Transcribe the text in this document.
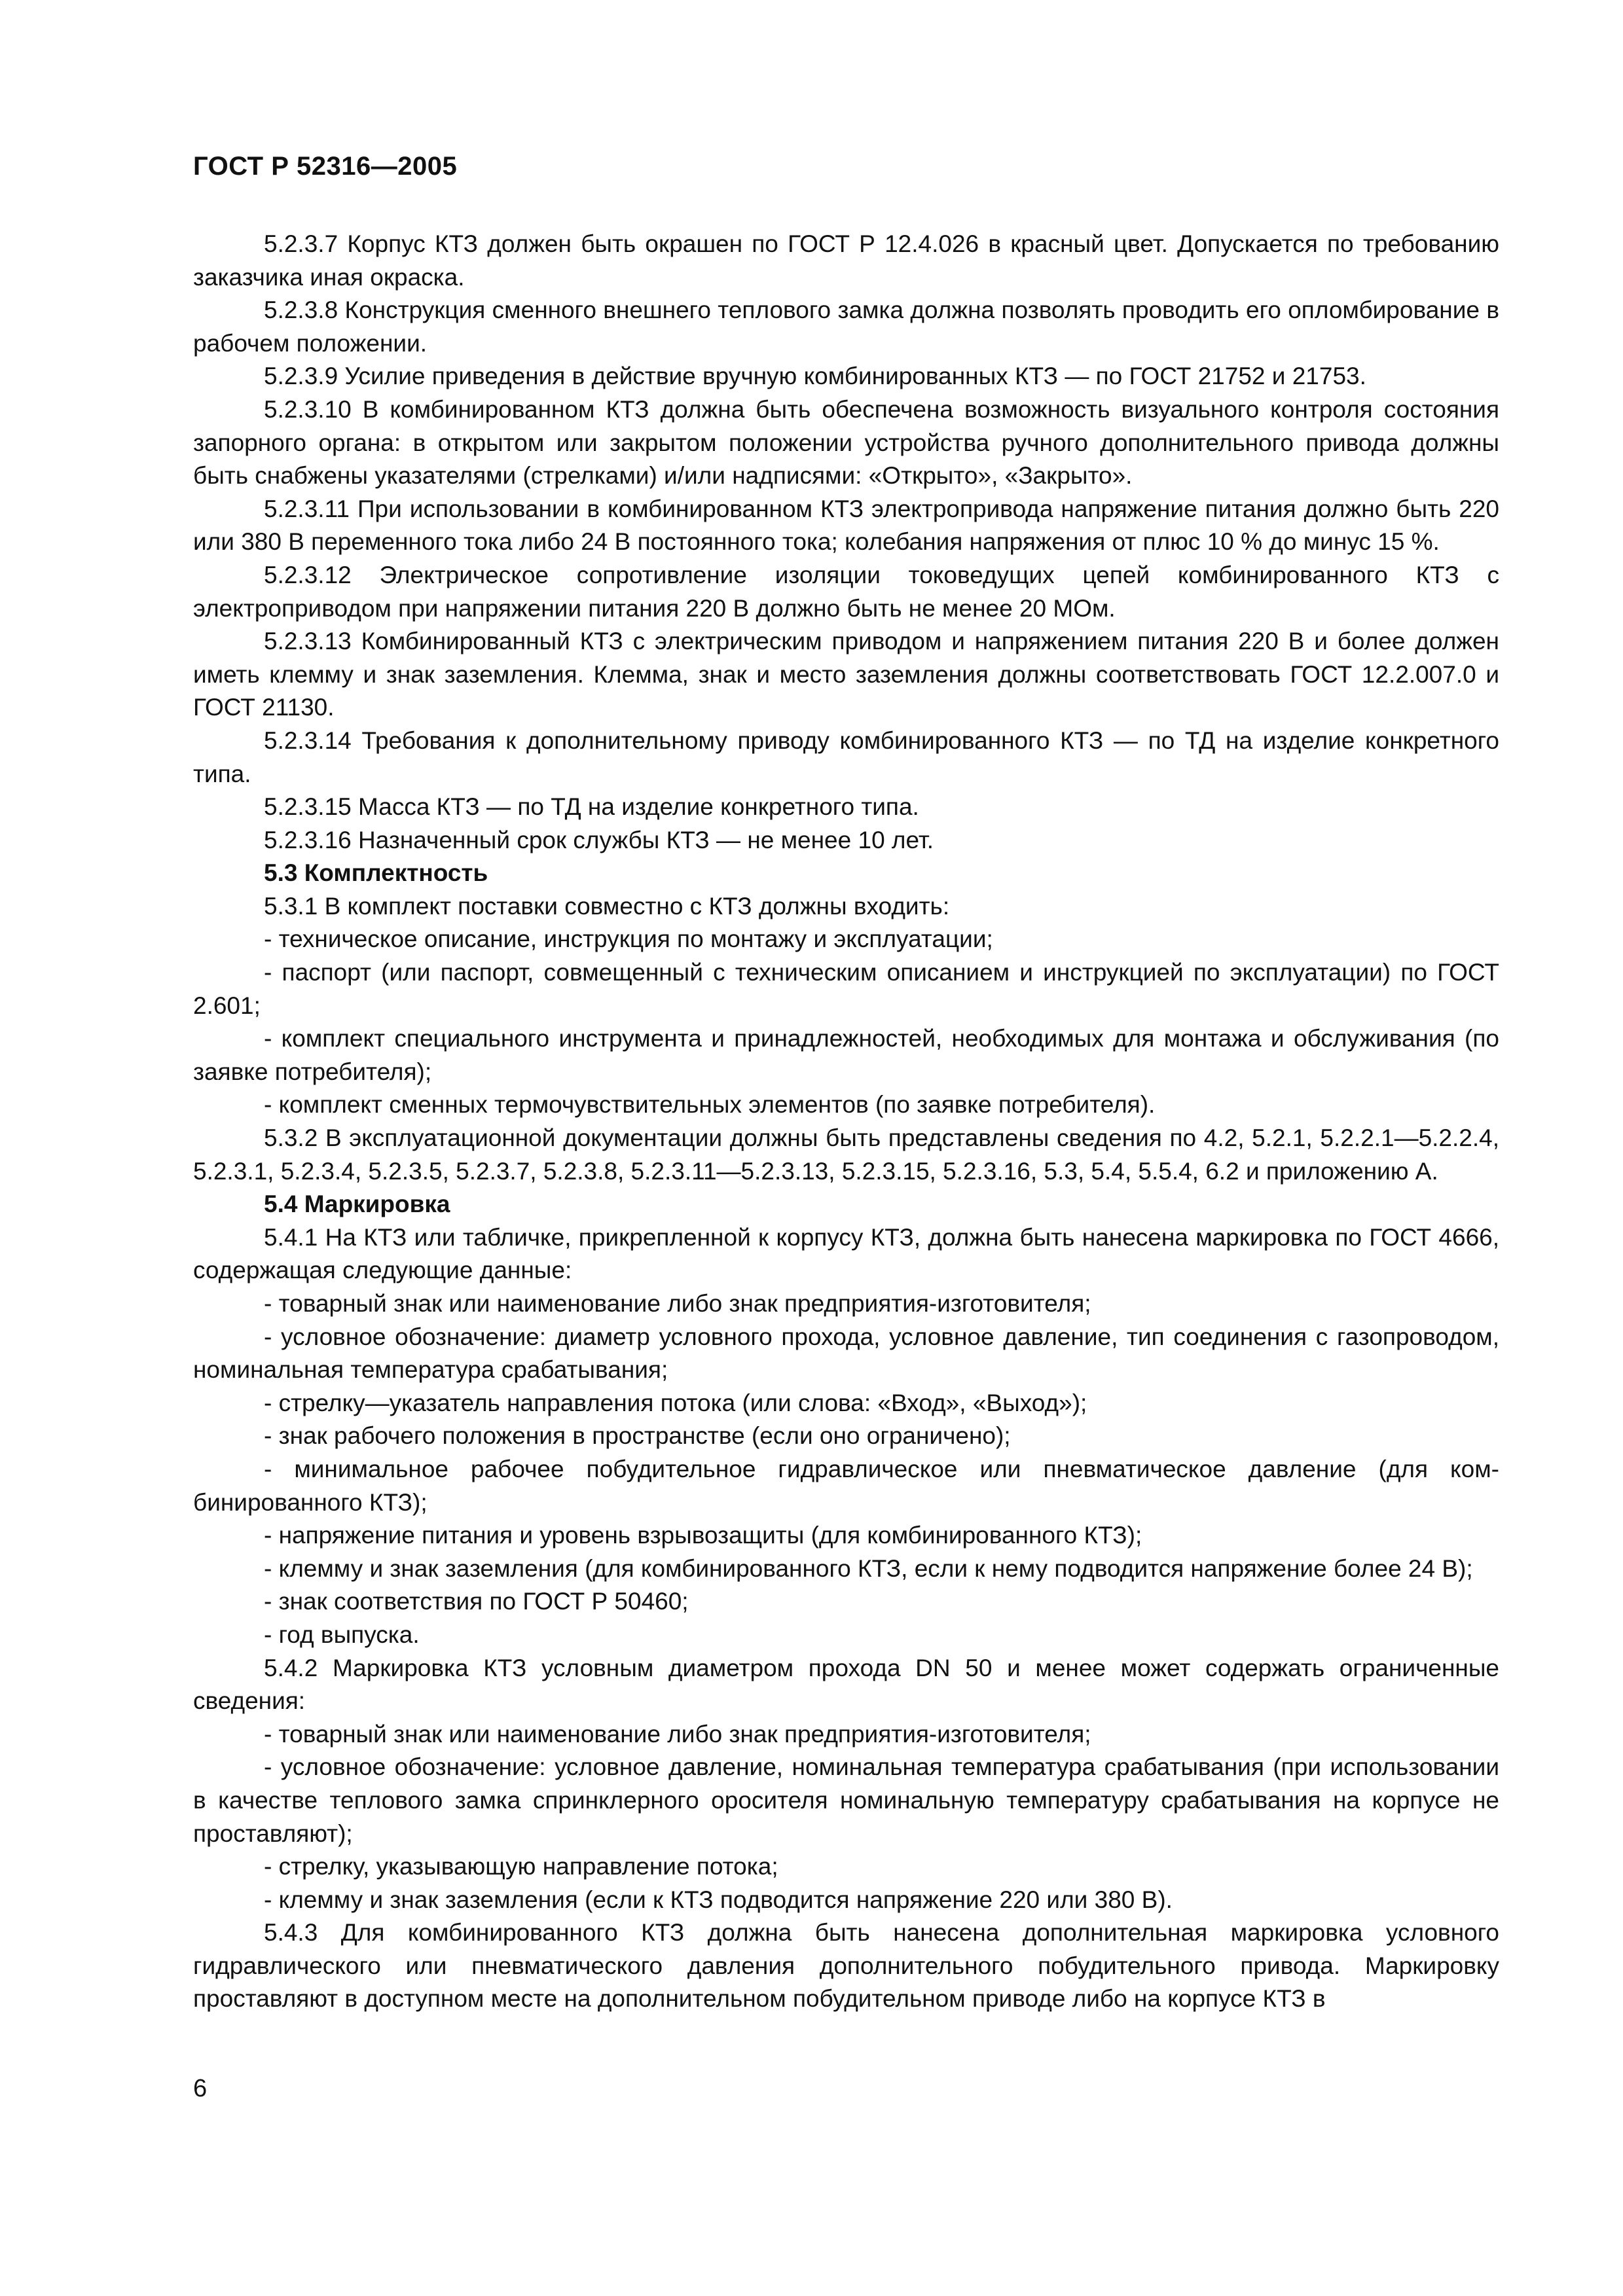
ГОСТ Р 52316—2005

5.2.3.7 Корпус КТЗ должен быть окрашен по ГОСТ Р 12.4.026 в красный цвет. Допускается по требованию заказчика иная окраска.

5.2.3.8 Конструкция сменного внешнего теплового замка должна позволять проводить его опломбирование в рабочем положении.

5.2.3.9 Усилие приведения в действие вручную комбинированных КТЗ — по ГОСТ 21752 и 21753.

5.2.3.10 В комбинированном КТЗ должна быть обеспечена возможность визуального контроля состояния запорного органа: в открытом или закрытом положении устройства ручного дополнительного привода должны быть снабжены указателями (стрелками) и/или надписями: «Открыто», «Закрыто».

5.2.3.11 При использовании в комбинированном КТЗ электропривода напряжение питания должно быть 220 или 380 В переменного тока либо 24 В постоянного тока; колебания напряжения от плюс 10 % до минус 15 %.

5.2.3.12 Электрическое сопротивление изоляции токоведущих цепей комбинированного КТЗ с электроприводом при напряжении питания 220 В должно быть не менее 20 МОм.

5.2.3.13 Комбинированный КТЗ с электрическим приводом и напряжением питания 220 В и более должен иметь клемму и знак заземления. Клемма, знак и место заземления должны соответствовать ГОСТ 12.2.007.0 и ГОСТ 21130.

5.2.3.14 Требования к дополнительному приводу комбинированного КТЗ — по ТД на изделие конкретного типа.

5.2.3.15 Масса КТЗ — по ТД на изделие конкретного типа.

5.2.3.16 Назначенный срок службы КТЗ — не менее 10 лет.

5.3 Комплектность

5.3.1 В комплект поставки совместно с КТЗ должны входить:

- техническое описание, инструкция по монтажу и эксплуатации;

- паспорт (или паспорт, совмещенный с техническим описанием и инструкцией по эксплуатации) по ГОСТ 2.601;

- комплект специального инструмента и принадлежностей, необходимых для монтажа и обслуживания (по заявке потребителя);

- комплект сменных термочувствительных элементов (по заявке потребителя).

5.3.2 В эксплуатационной документации должны быть представлены сведения по 4.2, 5.2.1, 5.2.2.1—5.2.2.4, 5.2.3.1, 5.2.3.4, 5.2.3.5, 5.2.3.7, 5.2.3.8, 5.2.3.11—5.2.3.13, 5.2.3.15, 5.2.3.16, 5.3, 5.4, 5.5.4, 6.2 и приложению А.

5.4 Маркировка

5.4.1 На КТЗ или табличке, прикрепленной к корпусу КТЗ, должна быть нанесена маркировка по ГОСТ 4666, содержащая следующие данные:

- товарный знак или наименование либо знак предприятия-изготовителя;

- условное обозначение: диаметр условного прохода, условное давление, тип соединения с газопроводом, номинальная температура срабатывания;

- стрелку—указатель направления потока (или слова: «Вход», «Выход»);

- знак рабочего положения в пространстве (если оно ограничено);

- минимальное рабочее побудительное гидравлическое или пневматическое давление (для комбинированного КТЗ);

- напряжение питания и уровень взрывозащиты (для комбинированного КТЗ);

- клемму и знак заземления (для комбинированного КТЗ, если к нему подводится напряжение более 24 В);

- знак соответствия по ГОСТ Р 50460;

- год выпуска.

5.4.2 Маркировка КТЗ условным диаметром прохода DN 50 и менее может содержать ограниченные сведения:

- товарный знак или наименование либо знак предприятия-изготовителя;

- условное обозначение: условное давление, номинальная температура срабатывания (при использовании в качестве теплового замка спринклерного оросителя номинальную температуру срабатывания на корпусе не проставляют);

- стрелку, указывающую направление потока;

- клемму и знак заземления (если к КТЗ подводится напряжение 220 или 380 В).

5.4.3 Для комбинированного КТЗ должна быть нанесена дополнительная маркировка условного гидравлического или пневматического давления дополнительного побудительного привода. Маркировку проставляют в доступном месте на дополнительном побудительном приводе либо на корпусе КТЗ в

6
